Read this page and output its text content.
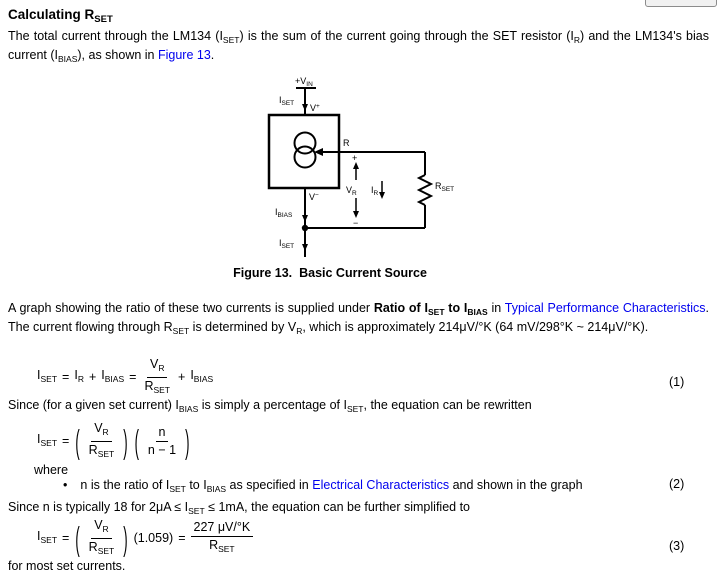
Calculating $R_{SET}$
The total current through the LM134 $(I_{SET})$ is the sum of the current going through the SET resistor $(I_R)$ and the LM134's bias current $(I_{BIAS})$, as shown in Figure 13.
$+V_{IN}$
$I_{SET}$ V+
R
$R_{SET}$
+
$V_R$
−
$I_R$
V−
$I_{BIAS}$
$I_{SET}$
Figure 13.  Basic Current Source
A graph showing the ratio of these two currents is supplied under Ratio of $I_{SET}$ to $I_{BIAS}$ in Typical Performance Characteristics. The current flowing through $R_{SET}$ is determined by $V_R$, which is approximately 214μV/°K (64 mV/298°K ~ 214μV/°K).
$I_{SET} = I_R + I_{BIAS} = \frac{V_R}{R_{SET}} + I_{BIAS}$	(1)
Since (for a given set current) $I_{BIAS}$ is simply a percentage of $I_{SET}$, the equation can be rewritten
$I_{SET}$ = ( $\frac{V_R}{R_{SET}}$ ) ( $\frac{n}{n - 1}$ )
(2)
where
• n is the ratio of $I_{SET}$ to $I_{BIAS}$ as specified in Electrical Characteristics and shown in the graph
Since n is typically 18 for $2\mu A \le I_{SET} \le 1mA$, the equation can be further simplified to
$I_{SET}$ = ( $\frac{V_R}{R_{SET}}$ ) $(1.059) = \frac{227 \mu V/^\circ K}{R_{SET}}$	(3)
for most set currents.
